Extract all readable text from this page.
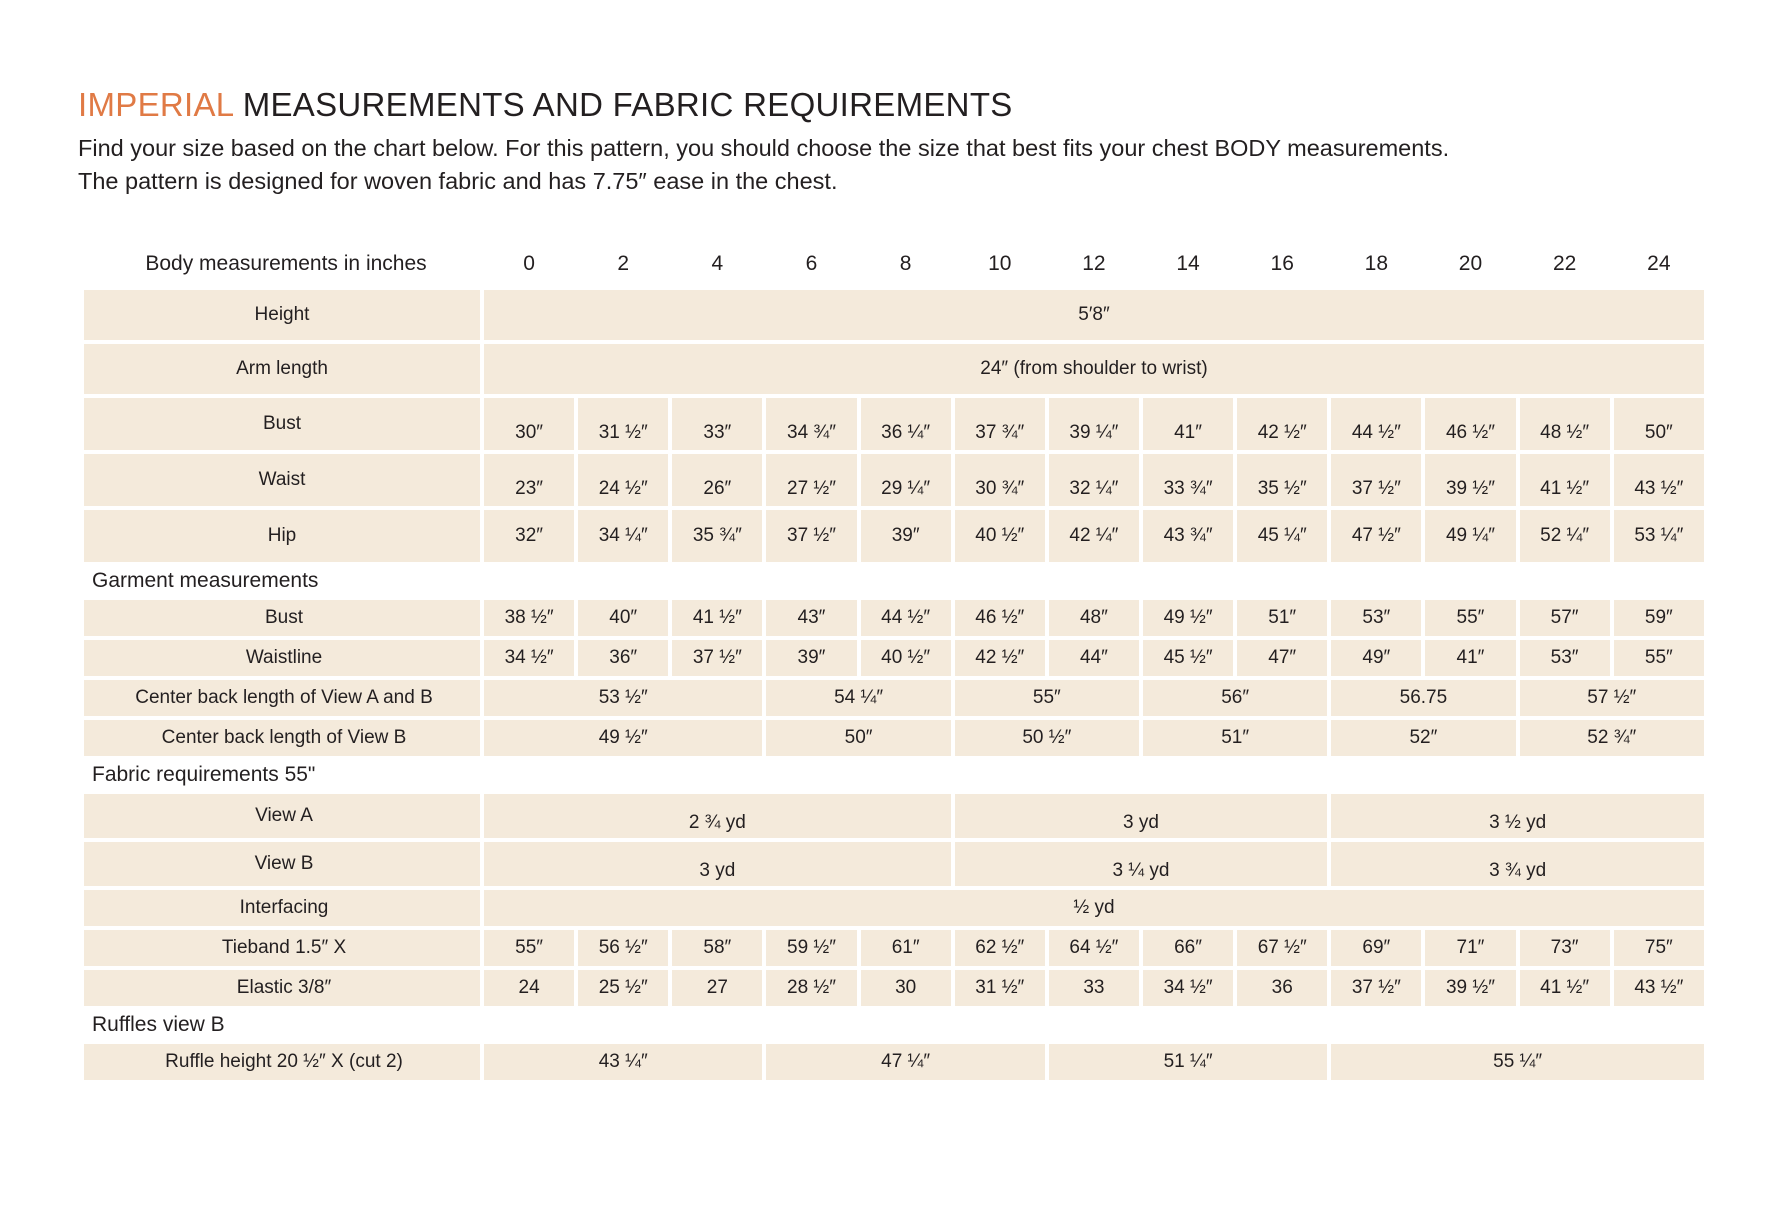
IMPERIAL MEASUREMENTS AND FABRIC REQUIREMENTS

Find your size based on the chart below. For this pattern, you should choose the size that best fits your chest BODY measurements.
The pattern is designed for woven fabric and has 7.75″ ease in the chest.

Body measurements in inches	0	2	4	6	8	10	12	14	16	18	20	22	24
Height	5′8″												
Arm length	24″ (from shoulder to wrist)												
Bust	30″	31 ½″	33″	34 ¾″	36 ¼″	37 ¾″	39 ¼″	41″	42 ½″	44 ½″	46 ½″	48 ½″	50″
Waist	23″	24 ½″	26″	27 ½″	29 ¼″	30 ¾″	32 ¼″	33 ¾″	35 ½″	37 ½″	39 ½″	41 ½″	43 ½″
Hip	32″	34 ¼″	35 ¾″	37 ½″	39″	40 ½″	42 ¼″	43 ¾″	45 ¼″	47 ½″	49 ¼″	52 ¼″	53 ¼″
Garment measurements													
Bust	38 ½″	40″	41 ½″	43″	44 ½″	46 ½″	48″	49 ½″	51″	53″	55″	57″	59″
Waistline	34 ½″	36″	37 ½″	39″	40 ½″	42 ½″	44″	45 ½″	47″	49″	41″	53″	55″
Center back length of View A and B	53 ½″			54 ¼″		55″		56″		56.75		57 ½″	
Center back length of View B	49 ½″			50″		50 ½″		51″		52″		52 ¾″	
Fabric requirements 55"													
View A	2 ¾ yd					3 yd				3 ½ yd			
View B	3 yd					3 ¼ yd				3 ¾ yd			
Interfacing	½ yd												
Tieband 1.5″ X	55″	56 ½″	58″	59 ½″	61″	62 ½″	64 ½″	66″	67 ½″	69″	71″	73″	75″
Elastic 3/8″	24	25 ½″	27	28 ½″	30	31 ½″	33	34 ½″	36	37 ½″	39 ½″	41 ½″	43 ½″
Ruffles view B													
Ruffle height 20 ½″ X (cut 2)	43 ¼″			47 ¼″			51 ¼″			55 ¼″			
